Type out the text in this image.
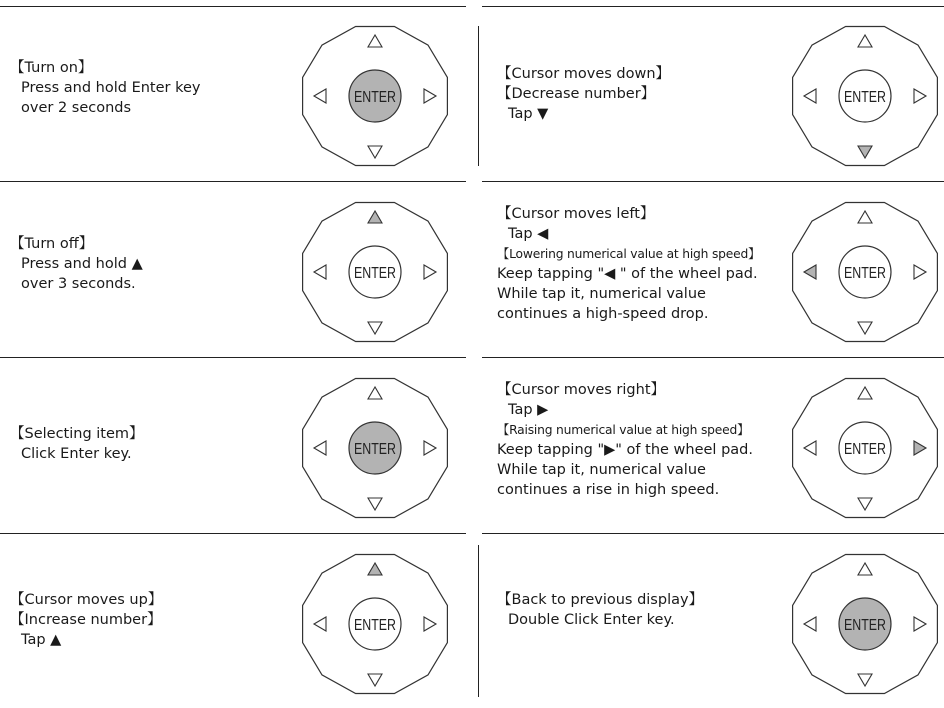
【Turn on】
Press and hold Enter key
over 2 seconds
ENTER
【Cursor moves down】
【Decrease number】
Tap ▼
ENTER
【Turn off】
Press and hold ▲
over 3 seconds.
ENTER
【Cursor moves left】
Tap ◀
【Lowering numerical value at high speed】
Keep tapping "◀ " of the wheel pad.
While tap it, numerical value
continues a high-speed drop.
ENTER
【Selecting item】
Click Enter key.	ENTER
【Cursor moves right】
Tap ▶
【Raising numerical value at high speed】
Keep tapping "▶" of the wheel pad.
While tap it, numerical value
continues a rise in high speed.
ENTER
【Cursor moves up】
【Increase number】
Tap ▲
ENTER
【Back to previous display】
Double Click Enter key.	ENTER
